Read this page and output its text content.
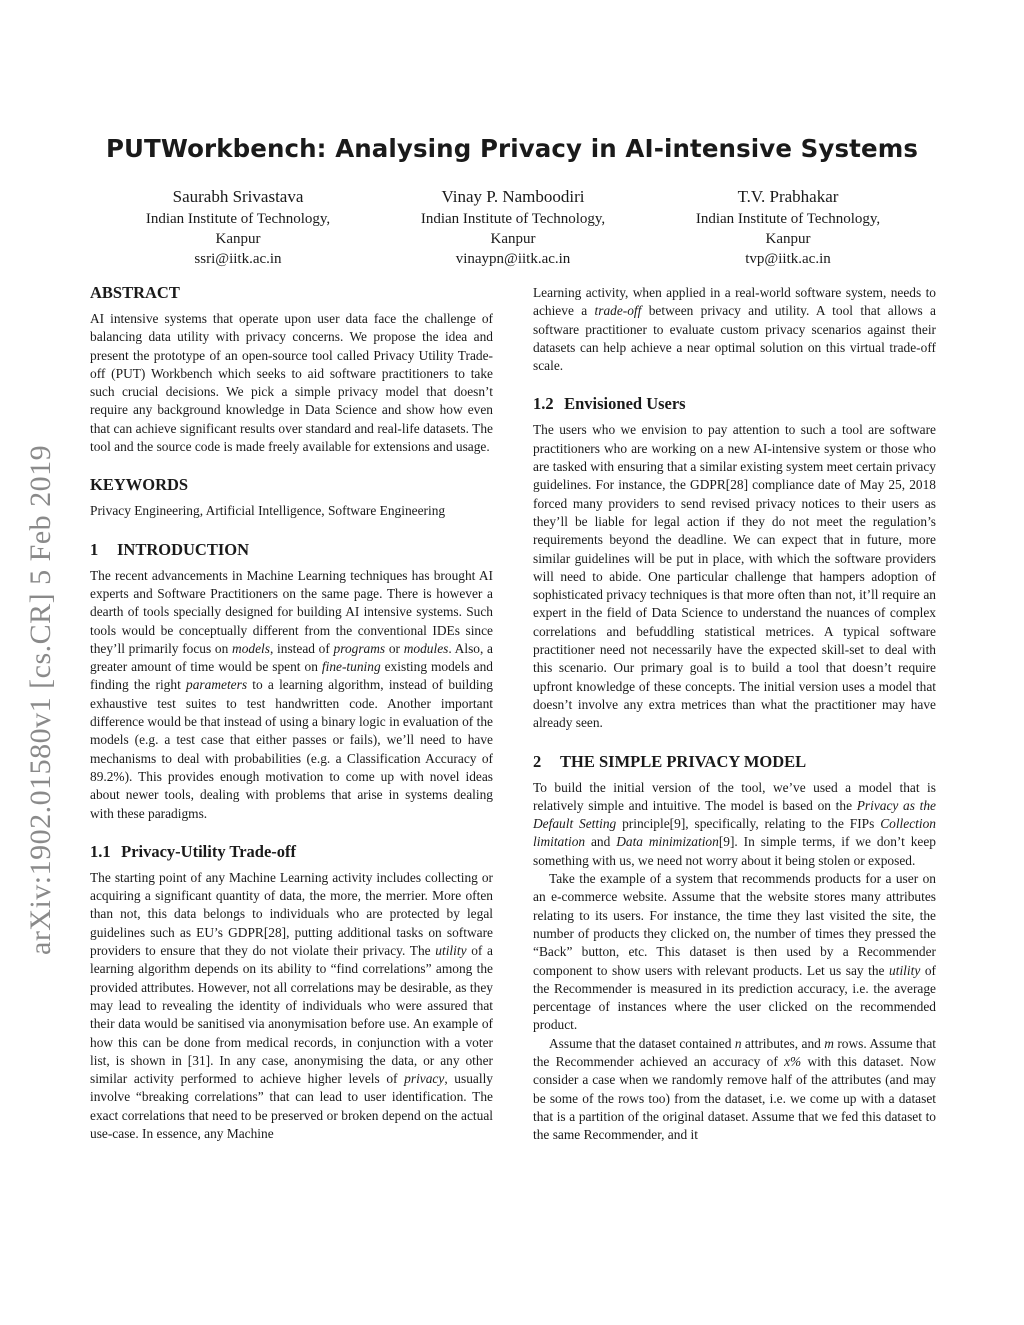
arXiv:1902.01580v1 [cs.CR] 5 Feb 2019
PUTWorkbench: Analysing Privacy in AI-intensive Systems
Saurabh Srivastava
Indian Institute of Technology,
Kanpur
ssri@iitk.ac.in
Vinay P. Namboodiri
Indian Institute of Technology,
Kanpur
vinaypn@iitk.ac.in
T.V. Prabhakar
Indian Institute of Technology,
Kanpur
tvp@iitk.ac.in
ABSTRACT

AI intensive systems that operate upon user data face the challenge of balancing data utility with privacy concerns. We propose the idea and present the prototype of an open-source tool called Privacy Utility Trade-off (PUT) Workbench which seeks to aid software practitioners to take such crucial decisions. We pick a simple privacy model that doesn’t require any background knowledge in Data Science and show how even that can achieve significant results over standard and real-life datasets. The tool and the source code is made freely available for extensions and usage.

KEYWORDS

Privacy Engineering, Artificial Intelligence, Software Engineering

1 INTRODUCTION

The recent advancements in Machine Learning techniques has brought AI experts and Software Practitioners on the same page. There is however a dearth of tools specially designed for building AI intensive systems. Such tools would be conceptually different from the conventional IDEs since they’ll primarily focus on models, instead of programs or modules. Also, a greater amount of time would be spent on fine-tuning existing models and finding the right parameters to a learning algorithm, instead of building exhaustive test suites to test handwritten code. Another important difference would be that instead of using a binary logic in evaluation of the models (e.g. a test case that either passes or fails), we’ll need to have mechanisms to deal with probabilities (e.g. a Classification Accuracy of 89.2%). This provides enough motivation to come up with novel ideas about newer tools, dealing with problems that arise in systems dealing with these paradigms.

1.1 Privacy-Utility Trade-off

The starting point of any Machine Learning activity includes collecting or acquiring a significant quantity of data, the more, the merrier. More often than not, this data belongs to individuals who are protected by legal guidelines such as EU’s GDPR[28], putting additional tasks on software providers to ensure that they do not violate their privacy. The utility of a learning algorithm depends on its ability to “find correlations” among the provided attributes. However, not all correlations may be desirable, as they may lead to revealing the identity of individuals who were assured that their data would be sanitised via anonymisation before use. An example of how this can be done from medical records, in conjunction with a voter list, is shown in [31]. In any case, anonymising the data, or any other similar activity performed to achieve higher levels of privacy, usually involve “breaking correlations” that can lead to user identification. The exact correlations that need to be preserved or broken depend on the actual use-case. In essence, any Machine

Learning activity, when applied in a real-world software system, needs to achieve a trade-off between privacy and utility. A tool that allows a software practitioner to evaluate custom privacy scenarios against their datasets can help achieve a near optimal solution on this virtual trade-off scale.

1.2 Envisioned Users

The users who we envision to pay attention to such a tool are software practitioners who are working on a new AI-intensive system or those who are tasked with ensuring that a similar existing system meet certain privacy guidelines. For instance, the GDPR[28] compliance date of May 25, 2018 forced many providers to send revised privacy notices to their users as they’ll be liable for legal action if they do not meet the regulation’s requirements beyond the deadline. We can expect that in future, more similar guidelines will be put in place, with which the software providers will need to abide. One particular challenge that hampers adoption of sophisticated privacy techniques is that more often than not, it’ll require an expert in the field of Data Science to understand the nuances of complex correlations and befuddling statistical metrices. A typical software practitioner need not necessarily have the expected skill-set to deal with this scenario. Our primary goal is to build a tool that doesn’t require upfront knowledge of these concepts. The initial version uses a model that doesn’t involve any extra metrices than what the practitioner may have already seen.

2 THE SIMPLE PRIVACY MODEL

To build the initial version of the tool, we’ve used a model that is relatively simple and intuitive. The model is based on the Privacy as the Default Setting principle[9], specifically, relating to the FIPs Collection limitation and Data minimization[9]. In simple terms, if we don’t keep something with us, we need not worry about it being stolen or exposed.

Take the example of a system that recommends products for a user on an e-commerce website. Assume that the website stores many attributes relating to its users. For instance, the time they last visited the site, the number of products they clicked on, the number of times they pressed the “Back” button, etc. This dataset is then used by a Recommender component to show users with relevant products. Let us say the utility of the Recommender is measured in its prediction accuracy, i.e. the average percentage of instances where the user clicked on the recommended product.

Assume that the dataset contained n attributes, and m rows. Assume that the Recommender achieved an accuracy of x% with this dataset. Now consider a case when we randomly remove half of the attributes (and may be some of the rows too) from the dataset, i.e. we come up with a dataset that is a partition of the original dataset. Assume that we fed this dataset to the same Recommender, and it
